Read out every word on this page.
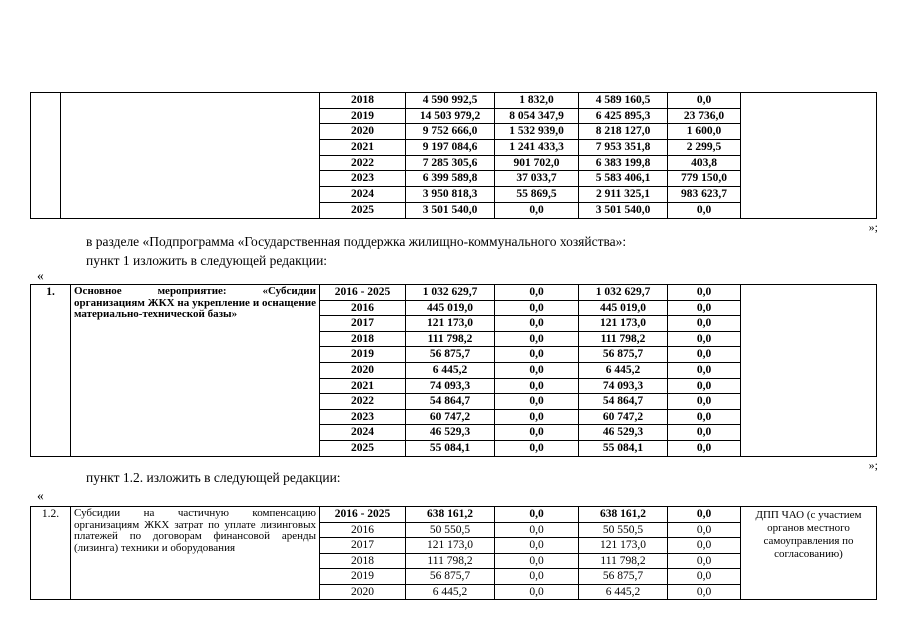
		2018	4 590 992,5	1 832,0	4 589 160,5	0,0	
		2019	14 503 979,2	8 054 347,9	6 425 895,3	23 736,0	
		2020	9 752 666,0	1 532 939,0	8 218 127,0	1 600,0	
		2021	9 197 084,6	1 241 433,3	7 953 351,8	2 299,5	
		2022	7 285 305,6	901 702,0	6 383 199,8	403,8	
		2023	6 399 589,8	37 033,7	5 583 406,1	779 150,0	
		2024	3 950 818,3	55 869,5	2 911 325,1	983 623,7	
		2025	3 501 540,0	0,0	3 501 540,0	0,0	
»;
в разделе «Подпрограмма «Государственная поддержка жилищно-коммунального хозяйства»:
пункт 1 изложить в следующей редакции:
«
1.	Основное мероприятие: «Субсидии организациям ЖКХ на укрепление и оснащение материально-технической базы»	2016 - 2025	1 032 629,7	0,0	1 032 629,7	0,0	
		2016	445 019,0	0,0	445 019,0	0,0	
		2017	121 173,0	0,0	121 173,0	0,0	
		2018	111 798,2	0,0	111 798,2	0,0	
		2019	56 875,7	0,0	56 875,7	0,0	
		2020	6 445,2	0,0	6 445,2	0,0	
		2021	74 093,3	0,0	74 093,3	0,0	
		2022	54 864,7	0,0	54 864,7	0,0	
		2023	60 747,2	0,0	60 747,2	0,0	
		2024	46 529,3	0,0	46 529,3	0,0	
		2025	55 084,1	0,0	55 084,1	0,0	
»;
пункт 1.2. изложить в следующей редакции:
«
1.2.	Субсидии на частичную компенсацию организациям ЖКХ затрат по уплате лизинговых платежей по договорам финансовой аренды (лизинга) техники и оборудования	2016 - 2025	638 161,2	0,0	638 161,2	0,0	ДПП ЧАО (с участием органов местного самоуправления по согласованию)
		2016	50 550,5	0,0	50 550,5	0,0	
		2017	121 173,0	0,0	121 173,0	0,0	
		2018	111 798,2	0,0	111 798,2	0,0	
		2019	56 875,7	0,0	56 875,7	0,0	
		2020	6 445,2	0,0	6 445,2	0,0	
